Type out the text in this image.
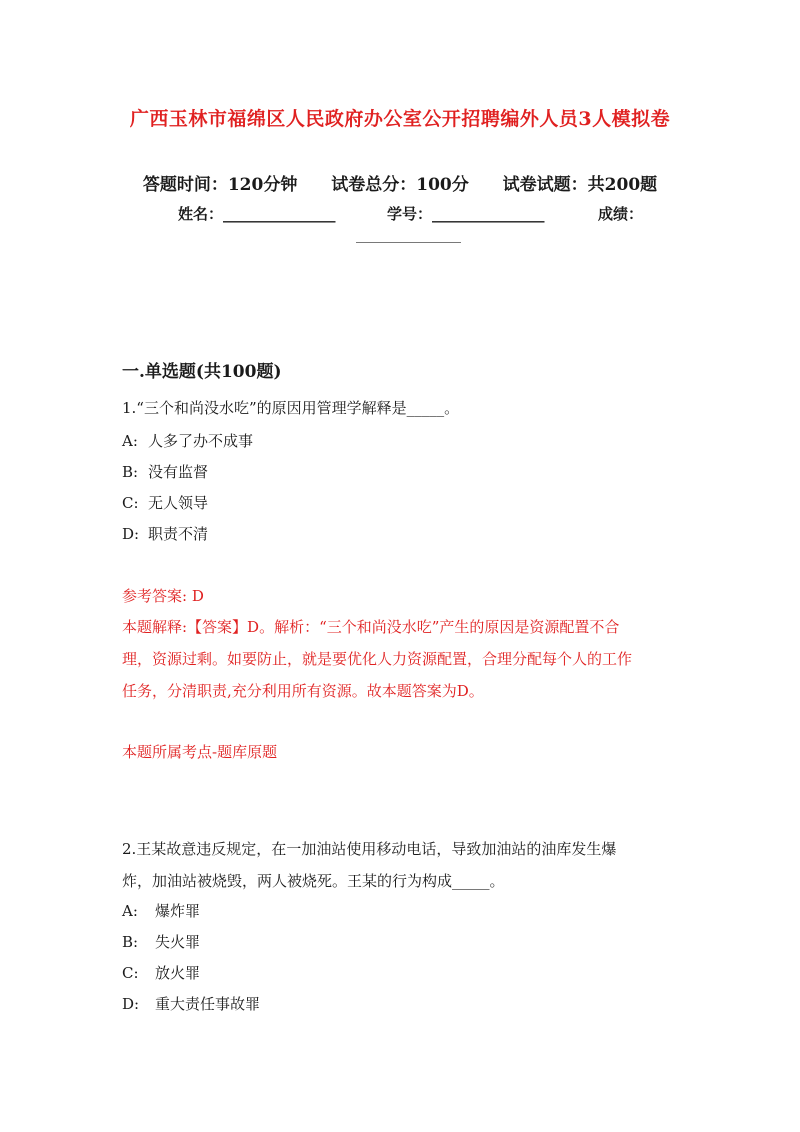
广西玉林市福绵区人民政府办公室公开招聘编外人员3人模拟卷
答题时间：120分钟 试卷总分：100分 试卷试题：共200题
姓名：_______________	学号：_______________	成绩：
______________
一.单选题(共100题)
1.“三个和尚没水吃”的原因用管理学解释是_____。
A: 人多了办不成事
B: 没有监督
C: 无人领导
D: 职责不清
参考答案: D
本题解释:【答案】D。解析：“三个和尚没水吃”产生的原因是资源配置不合
理，资源过剩。如要防止，就是要优化人力资源配置，合理分配每个人的工作
任务，分清职责,充分利用所有资源。故本题答案为D。
本题所属考点-题库原题
2.王某故意违反规定，在一加油站使用移动电话，导致加油站的油库发生爆
炸，加油站被烧毁，两人被烧死。王某的行为构成_____。
A: 爆炸罪
B: 失火罪
C: 放火罪
D: 重大责任事故罪
